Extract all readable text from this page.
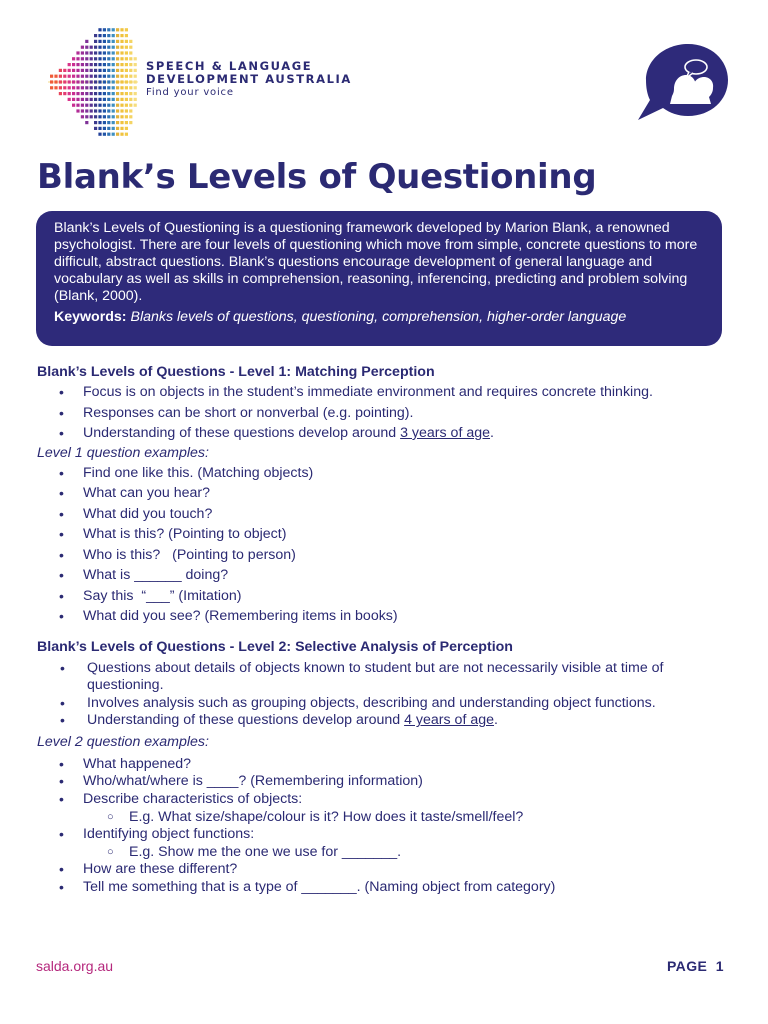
SPEECH & LANGUAGE
DEVELOPMENT AUSTRALIA
Find your voice
Blank’s Levels of Questioning

Blank’s Levels of Questioning is a questioning framework developed by Marion Blank, a renowned psychologist. There are four levels of questioning which move from simple, concrete questions to more difficult, abstract questions. Blank’s questions encourage development of general language and vocabulary as well as skills in comprehension, reasoning, inferencing, predicting and problem solving (Blank, 2000).

Keywords: Blanks levels of questions, questioning, comprehension, higher-order language

Blank’s Levels of Questions - Level 1: Matching Perception

• Focus is on objects in the student’s immediate environment and requires concrete thinking.
• Responses can be short or nonverbal (e.g. pointing).
• Understanding of these questions develop around 3 years of age.

Level 1 question examples:

• Find one like this. (Matching objects)
• What can you hear?
• What did you touch?
• What is this? (Pointing to object)
• Who is this?   (Pointing to person)
• What is ______ doing?
• Say this  “___” (Imitation)
• What did you see? (Remembering items in books)

Blank’s Levels of Questions - Level 2: Selective Analysis of Perception

• Questions about details of objects known to student but are not necessarily visible at time of questioning.
• Involves analysis such as grouping objects, describing and understanding object functions.
• Understanding of these questions develop around 4 years of age.

Level 2 question examples:

• What happened?
• Who/what/where is ____? (Remembering information)
• Describe characteristics of objects:
○ E.g. What size/shape/colour is it? How does it taste/smell/feel?
• Identifying object functions:
○ E.g. Show me the one we use for _______.
• How are these different?
• Tell me something that is a type of _______. (Naming object from category)
salda.org.au	PAGE  1
